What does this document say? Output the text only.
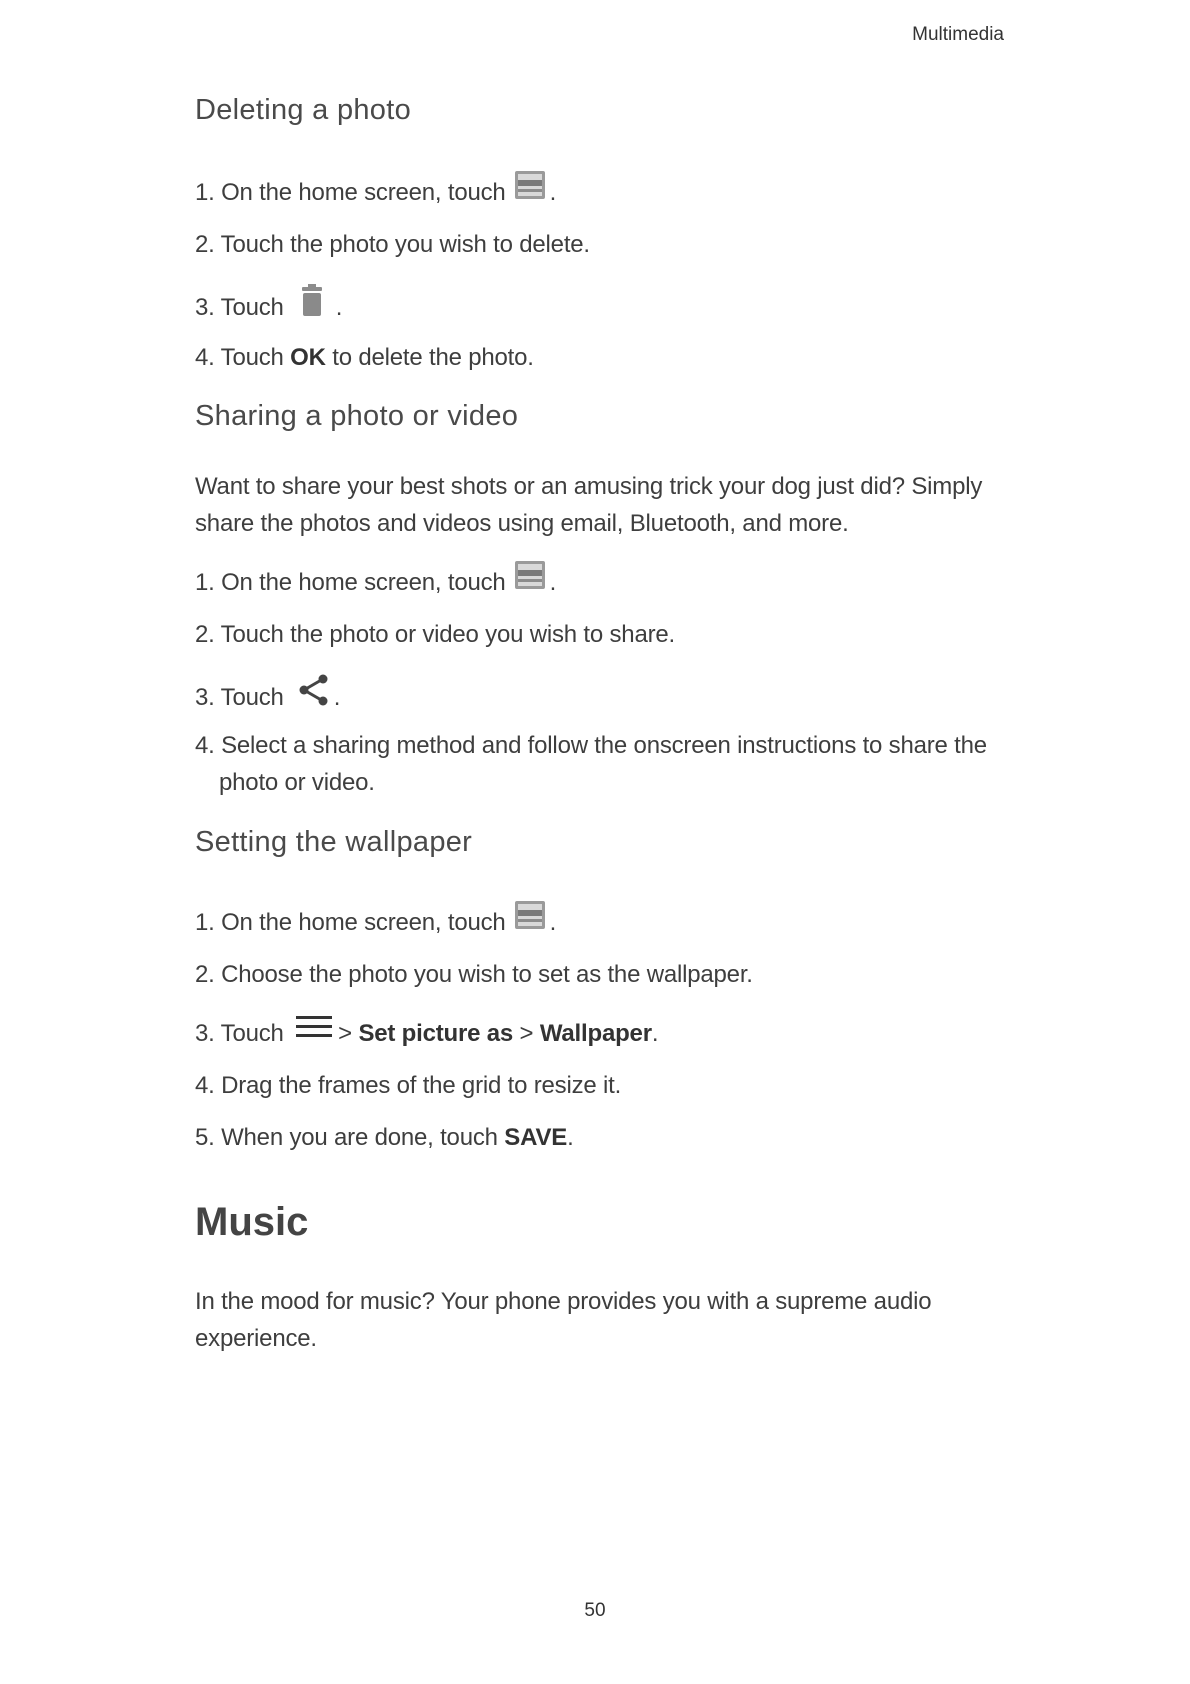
Multimedia
Deleting a photo
1. On the home screen, touch .
2. Touch the photo you wish to delete.
3. Touch .
4. Touch OK to delete the photo.
Sharing a photo or video
Want to share your best shots or an amusing trick your dog just did? Simply share the photos and videos using email, Bluetooth, and more.
1. On the home screen, touch .
2. Touch the photo or video you wish to share.
3. Touch .
4. Select a sharing method and follow the onscreen instructions to share the
photo or video.
Setting the wallpaper
1. On the home screen, touch .
2. Choose the photo you wish to set as the wallpaper.
3. Touch > Set picture as > Wallpaper.
4. Drag the frames of the grid to resize it.
5. When you are done, touch SAVE.
Music
In the mood for music? Your phone provides you with a supreme audio experience.
50
